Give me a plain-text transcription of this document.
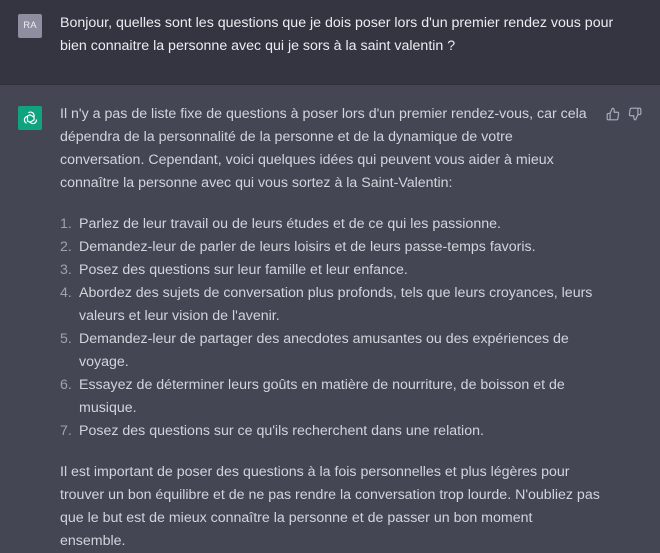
RA	Bonjour, quelles sont les questions que je dois poser lors d'un premier rendez vous pour bien connaitre la personne avec qui je sors à la saint valentin ?

Il n'y a pas de liste fixe de questions à poser lors d'un premier rendez-vous, car cela dépendra de la personnalité de la personne et de la dynamique de votre conversation. Cependant, voici quelques idées qui peuvent vous aider à mieux connaître la personne avec qui vous sortez à la Saint-Valentin:

1. Parlez de leur travail ou de leurs études et de ce qui les passionne.
2. Demandez-leur de parler de leurs loisirs et de leurs passe-temps favoris.
3. Posez des questions sur leur famille et leur enfance.
4. Abordez des sujets de conversation plus profonds, tels que leurs croyances, leurs valeurs et leur vision de l'avenir.
5. Demandez-leur de partager des anecdotes amusantes ou des expériences de voyage.
6. Essayez de déterminer leurs goûts en matière de nourriture, de boisson et de musique.
7. Posez des questions sur ce qu'ils recherchent dans une relation.

Il est important de poser des questions à la fois personnelles et plus légères pour trouver un bon équilibre et de ne pas rendre la conversation trop lourde. N'oubliez pas que le but est de mieux connaître la personne et de passer un bon moment ensemble.
